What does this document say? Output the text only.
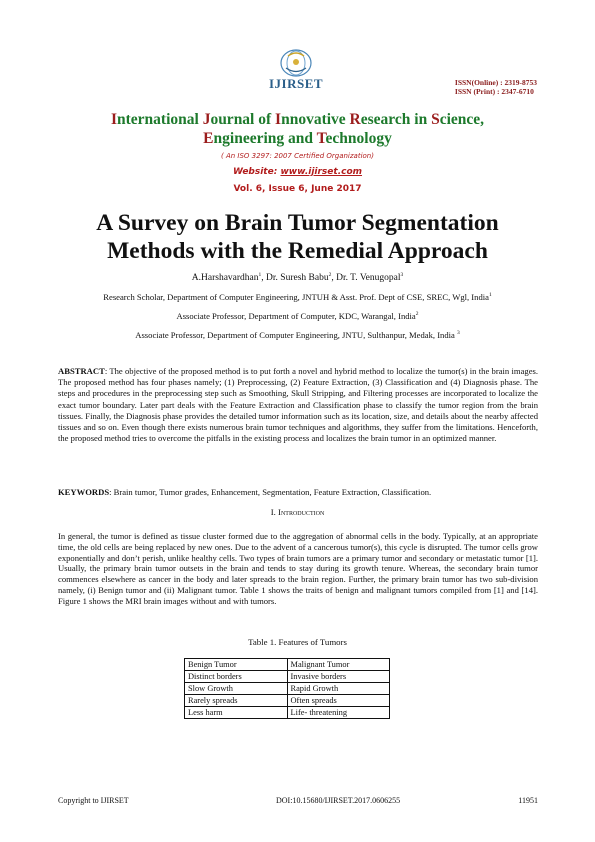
IJIRSET	ISSN(Online) : 2319-8753
ISSN (Print) : 2347-6710
International Journal of Innovative Research in Science,
Engineering and Technology
( An ISO 3297: 2007 Certified Organization)
Website: www.ijirset.com
Vol. 6, Issue 6, June 2017
A Survey on Brain Tumor Segmentation
Methods with the Remedial Approach
A.Harshavardhan$^1$, Dr. Suresh Babu$^2$, Dr. T. Venugopal$^3$
Research Scholar, Department of Computer Engineering, JNTUH & Asst. Prof. Dept of CSE, SREC, Wgl, India$^1$
Associate Professor, Department of Computer, KDC, Warangal, India$^2$
Associate Professor, Department of Computer Engineering, JNTU, Sulthanpur, Medak, India $^3$
ABSTRACT: The objective of the proposed method is to put forth a novel and hybrid method to localize the tumor(s) in the brain images. The proposed method has four phases namely; (1) Preprocessing, (2) Feature Extraction, (3) Classification and (4) Diagnosis phase. The steps and procedures in the preprocessing step such as Smoothing, Skull Stripping, and Filtering processes are incorporated to localize the exact tumor boundary. Later part deals with the Feature Extraction and Classification phase to classify the tumor region from the brain tissues. Finally, the Diagnosis phase provides the detailed tumor information such as its location, size, and details about the nearby affected tissues and so on. Even though there exists numerous brain tumor techniques and algorithms, they suffer from the limitations. Henceforth, the proposed method tries to overcome the pitfalls in the existing process and localizes the brain tumor in an optimized manner.
KEYWORDS: Brain tumor, Tumor grades, Enhancement, Segmentation, Feature Extraction, Classification.
I. Introduction
In general, the tumor is defined as tissue cluster formed due to the aggregation of abnormal cells in the body. Typically, at an appropriate time, the old cells are being replaced by new ones. Due to the advent of a cancerous tumor(s), this cycle is disrupted. The tumor cells grow exponentially and don’t perish, unlike healthy cells. Two types of brain tumors are a primary tumor and secondary or metastatic tumor [1]. Usually, the primary brain tumor outsets in the brain and tends to stay during its growth tenure. Whereas, the secondary brain tumor commences elsewhere as cancer in the body and later spreads to the brain region. Further, the primary brain tumor has two sub-division namely, (i) Benign tumor and (ii) Malignant tumor. Table 1 shows the traits of benign and malignant tumors compiled from [1] and [14]. Figure 1 shows the MRI brain images without and with tumors.
Table 1. Features of Tumors
Benign Tumor	Malignant Tumor
Distinct borders	Invasive borders
Slow Growth	Rapid Growth
Rarely spreads	Often spreads
Less harm	Life- threatening
Copyright to IJIRSET	DOI:10.15680/IJIRSET.2017.0606255	11951
